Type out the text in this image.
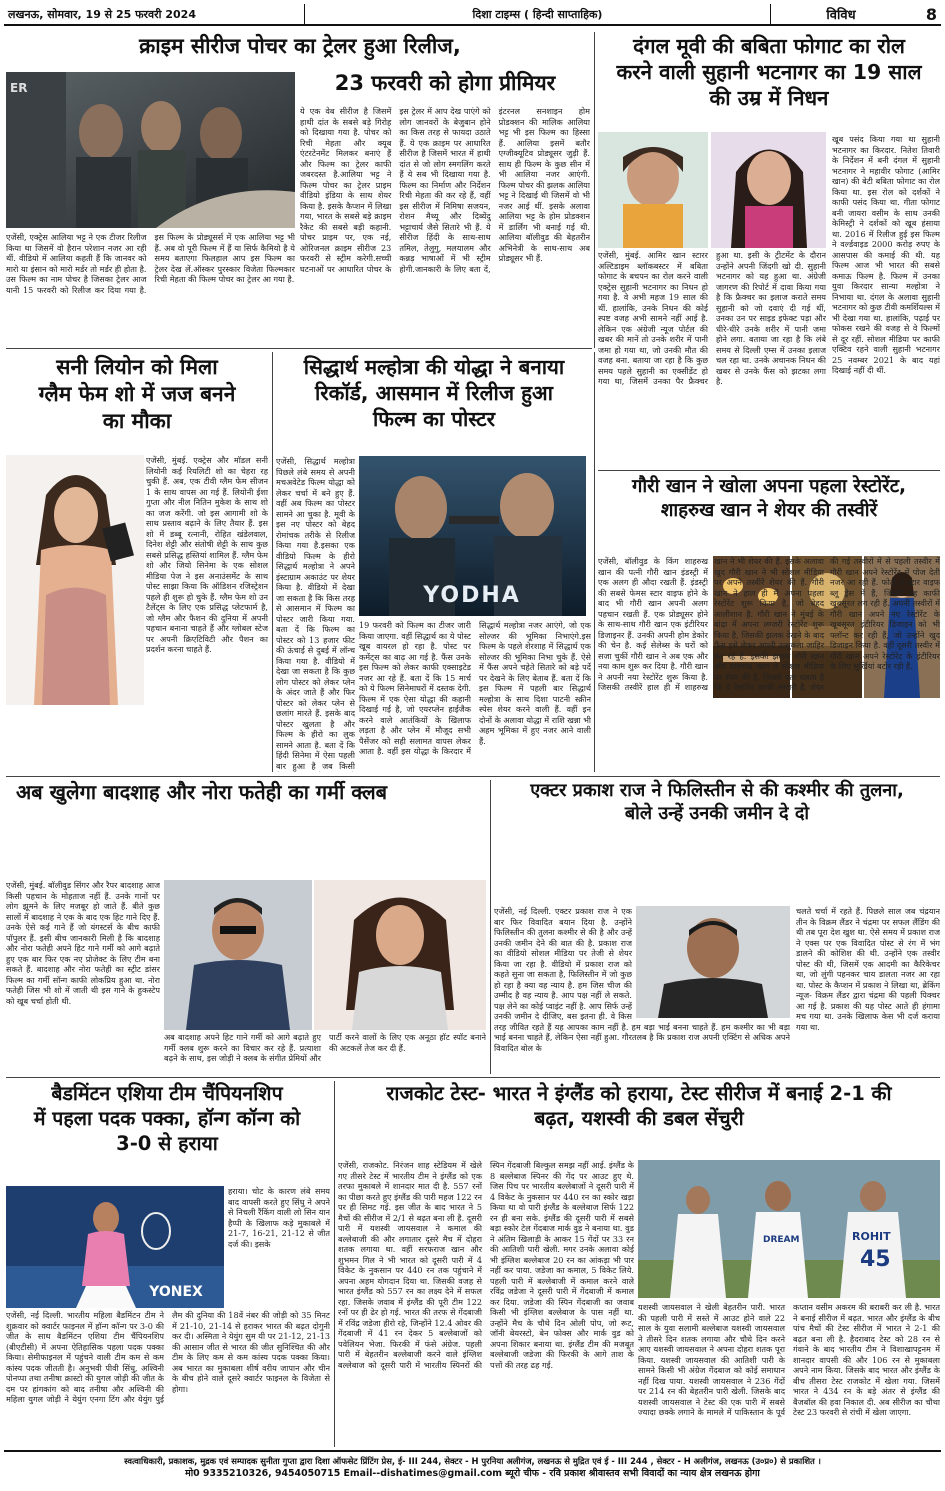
लखनऊ, सोमवार, 19 से 25 फरवरी 2024	दिशा टाइम्स ( हिन्दी साप्ताहिक)	विविध	8
क्राइम सीरीज पोचर का ट्रेलर हुआ रिलीज,
23 फरवरी को होगा प्रीमियर
ER

एजेंसी, एक्ट्रेस आलिया भट्ट ने एक टीजर रिलीज किया था जिसमें वो हैरान परेशान नजर आ रही थीं. वीडियो में आलिया कहती हैं कि जानवर को मारो या इंसान को मारो मर्डर तो मर्डर ही होता है. उस फिल्म का नाम पोचर है जिसका ट्रेलर आज यानी 15 फरवरी को रिलीज कर दिया गया है. इस फिल्म के प्रोड्यूसर्स में एक आलिया भट्ट भी हैं. अब वो पूरी फिल्म में हैं या सिर्फ कैमियो है ये समय बताएगा फिलहाल आप इस फिल्म का ट्रेलर देख लें.ऑस्कर पुरस्कार विजेता फिल्मकार रिची मेहता की फिल्म पोचर का ट्रेलर आ गया है.

ये एक वेब सीरीज है जिसमें हाथी दांत के सबसे बड़े गिरोह को दिखाया गया है. पोचर को रिची मेहता और क्यूब एंटरटेनमेंट मिलकर बनाएं हैं और फिल्म का ट्रेलर काफी जबरदस्त है.आलिया भट्ट ने फिल्म पोचर का ट्रेलर प्राइम वीडियो इंडिया के साथ शेयर किया है. इसके कैप्शन में लिखा गया, भारत के सबसे बड़े क्राइम रैकेट की सबसे बड़ी कहानी. पोचर प्राइम पर, एक नई, ओरिजनल क्राइम सीरीज 23 फरवरी से स्ट्रीम करेगी.सच्ची घटनाओं पर आधारित पोचर के इस ट्रेलर में आप देख पाएंगे को लोग जानवरों के बेजुबान होने का किस तरह से फायदा उठाते हैं. ये एक क्राइम पर आधारित सीरीज है जिसमें भारत में हाथी दांत से जो लोग स्मगलिंग करते हैं ये सब भी दिखाया गया है. फिल्म का निर्माण और निर्देशन रिची मेहता की कर रहे हैं, वहीं इस सीरीज में निमिषा सजयन, रोशन मैथ्यू और दिब्येंदु भट्टाचार्य जैसे सितारे भी हैं. ये सीरीज हिंदी के साथ-साथ तमिल, तेलुगु, मलयालम और कन्नड़ भाषाओं में भी स्ट्रीम होगी.जानकारी के लिए बता दें, इंटरनल सनशाइन होम प्रोडक्शन की मालिक आलिया भट्ट भी इस फिल्म का हिस्सा हैं. आलिया इसमें बतौर एग्जीक्यूटिव प्रोड्यूसर जुड़ी हैं. साथ ही फिल्म के कुछ सीन में भी आलिया नजर आएंगी. फिल्म पोचर की झलक आलिया भट्ट ने दिखाई थी जिसमें वो भी नजर आई थीं. इसके अलावा आलिया भट्ट के होम प्रोडक्शन में डार्लिंग भी बनाई गई थी. आलिया बॉलीवुड की बेहतरीन अभिनेत्री के साथ-साथ अब प्रोड्यूसर भी हैं.

दंगल मूवी की बबिता फोगाट का रोल
करने वाली सुहानी भटनागर का 19 साल
की उम्र में निधन

एजेंसी, मुंबई. आमिर खान स्टारर अल्टिडाइम ब्लॉकबस्टर में बबिता फोगाट के बचपन का रोल करने वाली एक्ट्रेस सुहानी भटनागर का निधन हो गया है. वे अभी महज 19 साल की थीं. हालांकि, उनके निधन की कोई स्पष्ट वजह अभी सामने नहीं आई है. लेकिन एक अंग्रेजी न्यूज पोर्टल की खबर की मानें तो उनके शरीर में पानी जमा हो गया था, जो उनकी मौत की वजह बना. बताया जा रहा है कि कुछ समय पहले सुहानी का एक्सीडेंट हो गया था, जिसमें उनका पैर फ्रैक्चर हुआ था. इसी के ट्रीटमेंट के दौरान उन्होंने अपनी जिंदगी खो दी. सुहानी भटनागर को यह हुआ था. अंग्रेजी जागरण की रिपोर्ट में दावा किया गया है कि फ्रैक्चर का इलाज कराते समय सुहानी को जो दवाएं दी गई थीं, उनका उन पर साइड इफेक्ट पड़ा और धीरे-धीरे उनके शरीर में पानी जमा होने लगा. बताया जा रहा है कि लंबे समय से दिल्ली एम्स में उनका इलाज चल रहा था. उनके अचानक निधन की खबर से उनके फैंस को झटका लगा है.

खूब पसंद किया गया था सुहानी भटनागर का किरदार. नितेश तिवारी के निर्देशन में बनी दंगल में सुहानी भटनागर ने महावीर फोगाट (आमिर खान) की बेटी बबिता फोगाट का रोल किया था. इस रोल को दर्शकों ने काफी पसंद किया था. गीता फोगाट बनी जायरा वसीम के साथ उनकी केमिस्ट्री ने दर्शकों को खूब हंसाया था. 2016 में रिलीज हुई इस फिल्म ने वर्ल्डवाइड 2000 करोड़ रुपए के आसपास की कमाई की थी. यह फिल्म आज भी भारत की सबसे कमाऊ फिल्म है. फिल्म में उनका युवा किरदार सान्या मल्होत्रा ने निभाया था. दंगल के अलावा सुहानी भटनागर को कुछ टीवी कमर्शियल्स में भी देखा गया था. हालांकि, पढ़ाई पर फोकस रखने की वजह से वे फिल्मों से दूर रहीं. सोशल मीडिया पर काफी एक्टिव रहने वाली सुहानी भटनागर 25 नवम्बर 2021 के बाद यहां दिखाई नहीं दी थीं.

सनी लियोन को मिला
ग्लैम फेम शो में जज बनने
का मौका

एजेंसी, मुंबई. एक्ट्रेस और मॉडल सनी लियोनी कई रियलिटी शो का चेहरा रह चुकी हैं. अब, एक टीवी ग्लैम फेम सीजन 1 के साथ वापस आ गई हैं. लियोनी ईशा गुप्ता और नील नितिन मुकेश के साथ शो का जज करेंगी. जो इस आगामी शो के साथ प्रस्ताव बढ़ाने के लिए तैयार हैं. इस शो में डब्बू रत्नानी, रोहित खंडेलवाल, दिनेश शेट्टी और संतोषी शेट्टी के साथ कुछ सबसे प्रसिद्ध हस्तियां शामिल हैं. ग्लैम फेम शो और जियो सिनेमा के एक सोशल मीडिया पेज ने इस अनाउंसमेंट के साथ पोस्ट साझा किया कि ऑडिशन रजिस्ट्रेशन पहले ही शुरू हो चुके हैं. ग्लैम फेम शो उन टैलेंट्स के लिए एक प्रसिद्ध प्लेटफार्म है, जो ग्लैम और फैशन की दुनिया में अपनी पहचान बनाना चाहते हैं और ग्लोबल स्टेज पर अपनी क्रिएटिविटी और पैशन का प्रदर्शन करना चाहते हैं.

सिद्धार्थ मल्होत्रा की योद्धा ने बनाया
रिकॉर्ड, आसमान में रिलीज हुआ
फिल्म का पोस्टर
YODHA

एजेंसी, सिद्धार्थ मल्होत्रा पिछले लंबे समय से अपनी मचअवेटेड फिल्म योद्धा को लेकर चर्चा में बने हुए हैं. वहीं अब फिल्म का पोस्टर सामने आ चुका है. मूवी के इस नए पोस्टर को बेहद रोमांचक तरीके से रिलीज किया गया है.इसका एक वीडियो फिल्म के हीरो सिद्धार्थ मल्होत्रा ने अपने इंस्टाग्राम अकाउंट पर शेयर किया है. वीडियो में देखा जा सकता है कि किस तरह से आसमान में फिल्म का पोस्टर जारी किया गया. बता दें कि फिल्म का पोस्टर को 13 हजार फीट की ऊंचाई से दुबई में लॉन्च किया गया है. वीडियो में देखा जा सकता है कि कुछ लोग पोस्टर को लेकर प्लेन के अंदर जाते हैं और फिर पोस्टर को लेकर प्लेन से छलांग मारते हैं. इसके बाद पोस्टर खुलता है और फिल्म के हीरो का लुक सामने आता है. बता दें कि हिंदी सिनेमा में ऐसा पहली बार हुआ है जब किसी

19 फरवरी को फिल्म का टीजर जारी किया जाएगा. वहीं सिद्धार्थ का ये पोस्ट खूब वायरल हो रहा है. पोस्ट पर कमेंट्स का बाढ़ आ गई है. फैंस उनके इस फिल्म को लेकर काफी एक्साइटेड नजर आ रहे हैं. बता दें कि 15 मार्च को ये फिल्म सिनेमाघरों में दस्तक देगी. फिल्म में एक ऐसा योद्धा की कहानी दिखाई गई है, जो एयरप्लेन हाईजैक करने वाले आतंकियों के खिलाफ लड़ता है और प्लेन में मौजूद सभी पैसेंजर को सही सलामत वापस लेकर आता है. वहीं इस योद्धा के किरदार में सिद्धार्थ मल्होत्रा नजर आएंगे, जो एक सोल्जर की भूमिका निभाएंगे.इस फिल्म के पहले शेरशाह में सिद्धार्थ एक सोल्जर की भूमिका निभा चुके हैं. ऐसे में फैंस अपने चहेते सितारे को बड़े पर्दे पर देखने के लिए बेताब हैं. बता दें कि इस फिल्म में पहली बार सिद्धार्थ मल्होत्रा के साथ दिशा पाटनी स्क्रीन स्पेस शेयर करने वाली हैं. वहीं इन दोनों के अलावा योद्धा में राशि खन्ना भी अहम भूमिका में हुए नजर आने वाली हैं.

गौरी खान ने खोला अपना पहला रेस्टोरेंट,
शाहरुख खान ने शेयर की तस्वीरें

एजेंसी, बॉलीवुड के किंग शाहरुख खान की पत्नी गौरी खान इंडस्ट्री में एक अलग ही औदा रखती हैं. इंडस्ट्री की सबसे फेमस स्टार वाइफ होने के बाद भी गौरी खान अपनी अलग पहचान रखती हैं. एक प्रोड्यूसर होने के साथ-साथ गौरी खान एक इंटीरियर डिजाइनर हैं. उनकी अपनी होम डेकोर की चेन है. कई सेलेब्स के घरों को सजा चुकीं गौरी खान ने अब एक और नया काम शुरू कर दिया है. गौरी खान ने अपनी नया रेस्टोरेंट शुरू किया है. जिसकी तस्वीरें हाल ही में शाहरुख खान ने भी शेयर की हैं. इसके अलावा खुद गौरी खान ने भी सोशल मीडिया पर अपने तस्वीरें शेयर की हैं. गौरी खान ने हाल ही में अपना पहला रेस्टोरेंट शुरू किया है, जो बेहद आलीशान है. गौरी खान ने मुंबई के बांद्रा में अपना लग्जरी रेस्टोरेंट शुरू किया है, जिसकी झलक देखने के बाद फैंस इसे लेकर अपनी उत्सुकता जाहिर कर रहे हैं. इसकी झलक गौरी खान और शाहरुख खान ने सोशल मीडिया पर शेयर की हैं, जिससे पता चलता है कि ये रेस्टोरेंट काफी लग्जरी है. शेयर की गई तस्वीरों में से पहली तस्वीर में गौरी खान अपने रेस्टोरेंट में पोज देती नजर आ रही हैं. फोटो में स्टार वाइफ ब्लू ड्रेस में हैं, जिसमें वह काफी खूबसूरत लग रही हैं. अपनी तस्वीरों में गौरी खान अपने नए रेस्टोरेंट के खूबसूरत इंटीरियर डिजाइन को भी फ्लॉन्ट कर रही हैं, जो उन्होंने खुद डिजाइन किया है. वहीं दूसरी तस्वीर में गौरी खान अपने रेस्टोरेंट के इंटीरियर के लिए सुर्खियां बटोर रही हैं.

अब खुलेगा बादशाह और नोरा फतेही का गर्मी क्लब

एजेंसी, मुंबई. बॉलीवुड सिंगर और रैपर बादशाह आज किसी पहचान के मोहताज नहीं हैं. उनके गानों पर लोग झूमने के लिए मजबूर हो जाते हैं. बीते कुछ सालों में बादशाह ने एक के बाद एक हिट गाने दिए हैं. उनके ऐसे कई गाने हैं जो यंगस्टर्स के बीच काफी पॉपुलर हैं. इसी बीच जानकारी मिली है कि बादशाह और नोरा फतेही अपने हिट गाने गर्मी को आगे बढ़ाते हुए एक बार फिर एक नए प्रोजेक्ट के लिए टीम बना सकते हैं. बादशाह और नोरा फतेही का स्ट्रीट डांसर फिल्म का गर्मी सॉन्ग काफी लोकप्रिय हुआ था. नोरा फतेही जिस भी शो में जाती थी इस गाने के हुकस्टेप को खूब चर्चा होती थी.

अब बादशाह अपने हिट गाने गर्मी को आगे बढ़ाते हुए गर्मी क्लब शुरू करने का विचार कर रहे हैं. प्रत्याशा बढ़ने के साथ, इस जोड़ी ने क्लब के संगीत प्रेमियों और पार्टी करने वालों के लिए एक अनूठा हॉट स्पॉट बनाने की अटकलें तेज कर दी हैं.

एक्टर प्रकाश राज ने फिलिस्तीन से की कश्मीर की तुलना,
बोले उन्हें उनकी जमीन दे दो

एजेंसी, नई दिल्ली. एक्टर प्रकाश राज ने एक बार फिर विवादित बयान दिया है. उन्होंने फिलिस्तीन की तुलना कश्मीर से की है और उन्हें उनकी जमीन देने की बात की है. प्रकाश राज का वीडियो सोशल मीडिया पर तेजी से शेयर किया जा रहा है. वीडियो में प्रकाश राज को कहते सुना जा सकता है, फिलिस्तीन में जो कुछ हो रहा है क्या वह न्याय है. हम जिस चीज की उम्मीद है वह न्याय है. आप पक्ष नहीं ले सकते. पक्ष लेने का कोई प्वाइंट नहीं है. आप सिर्फ उन्हें उनकी जमीन दे दीजिए, बस इतना ही. वे किस तरह जीवित रहते हैं यह आपका काम नहीं है. हम बड़ा भाई बनना चाहते हैं. हम कश्मीर का भी बड़ा भाई बनना चाहते हैं, लेकिन ऐसा नहीं हुआ. गौरतलब है कि प्रकाश राज अपनी एक्टिंग से अधिक अपने विवादित बोल के

चलते चर्चा में रहते हैं. पिछले साल जब चंद्रयान तीन के विक्रम लैंडर ने चंद्रमा पर सफल लैंडिंग की थी तब पूरा देश खुश था. ऐसे समय में प्रकाश राज ने एक्स पर एक विवादित पोस्ट से रंग में भंग डालने की कोशिश की थी. उन्होंने एक तस्वीर पोस्ट की थी, जिसमें एक आदमी का कैरिकेचर था, जो लुंगी पहनकर चाय डालता नजर आ रहा था. पोस्ट के कैप्शन में प्रकाश ने लिखा था, ब्रेकिंग न्यूज- विक्रम लैंडर द्वारा चंद्रमा की पहली पिक्चर आ गई है. प्रकाश की यह पोस्ट आते ही हंगामा मच गया था. उनके खिलाफ केस भी दर्ज कराया गया था.

बैडमिंटन एशिया टीम चैंपियनशिप
में पहला पदक पक्का, हॉन्ग कॉन्ग को
3-0 से हराया
YONEX

हराया। चोट के कारण लंबे समय बाद वापसी करते हुए सिंधु ने अपने से निचली रैंकिंग वाली लो सिन यान हैप्पी के खिलाफ कड़े मुकाबले में 21-7, 16-21, 21-12 से जीत दर्ज की। इसके

एजेंसी, नई दिल्ली. भारतीय महिला बैडमिंटन टीम ने शुक्रवार को क्वार्टर फाइनल में हॉन्ग कॉन्ग पर 3-0 की जीत के साथ बैडमिंटन एशिया टीम चैंपियनशिप (बीएटीसी) में अपना ऐतिहासिक पहला पदक पक्का किया। सेमीफाइनल में पहुंचने वाली टीम कम से कम कांस्य पदक जीतती है। अनुभवी पीवी सिंधु, अश्विनी पोनप्पा तथा तनीषा क्रास्टो की युगल जोड़ी की जीत के दम पर हांगकांग को बाद तनीषा और अश्विनी की महिला युगल जोड़ी ने येयुंग एनगा टिंग और येयुंग पुई लैम की दुनिया की 18वें नंबर की जोड़ी को 35 मिनट में 21-10, 21-14 से हराकर भारत की बढ़त दोगुनी कर दी। अस्मिता ने येयुंग सुम यी पर 21-12, 21-13 की आसान जीत से भारत की जीत सुनिश्चित की और टीम के लिए कम से कम कांस्य पदक पक्का किया। अब भारत का मुकाबला शीर्ष वरीय जापान और चीन के बीच होने वाले दूसरे क्वार्टर फाइनल के विजेता से होगा।

राजकोट टेस्ट- भारत ने इंग्लैंड को हराया, टेस्ट सीरीज में बनाई 2-1 की
बढ़त, यशस्वी की डबल सेंचुरी
DREAM	ROHIT
45

एजेंसी, राजकोट. निरंजन शाह स्टेडियम में खेले गए तीसरे टेस्ट में भारतीय टीम ने इंग्लैंड को एक तरफा मुकाबले में शानदार मात दी है. 557 रनों का पीछा करते हुए इंग्लैंड की पारी महज 122 रन पर ही सिमट गई. इस जीत के बाद भारत ने 5 मैचों की सीरीज में 2/1 से बढ़त बना ली है. दूसरी पारी में यशस्वी जायसवाल ने कमाल की बल्लेबाजी की और लगातार दूसरे मैच में दोहरा शतक लगाया था. वहीं सरफराज खान और शुभमन गिल ने भी भारत को दूसरी पारी में 4 विकेट के नुकसान पर 440 रन तक पहुंचाने में अपना अहम योगदान दिया था. जिसकी वजह से भारत इंग्लैंड को 557 रन का लक्ष्य देने में सफल रहा. जिसके जवाब में इंग्लैंड की पूरी टीम 122 रनों पर ही ढेर हो गई. भारत की तरफ से गेंदबाजी में रविंद्र जडेजा हीरो रहे, जिन्होंने 12.4 ओवर की गेंदबाजी में 41 रन देकर 5 बल्लेबाजों को पवेलियन भेजा. फिरकी में फंसे अंग्रेज. पहली पारी में बेहतरीन बल्लेबाजी करने वाले इंग्लिश बल्लेबाज को दूसरी पारी में भारतीय स्पिनरों की स्पिन गेंदबाजी बिल्कुल समझ नहीं आई. इंग्लैंड के 8 बल्लेबाज स्पिनर की गेंद पर आउट हुए थे. जिस पिच पर भारतीय बल्लेबाजों ने दूसरी पारी में 4 विकेट के नुकसान पर 440 रन का स्कोर खड़ा किया था वो पारी इंग्लैंड के बल्लेबाज सिर्फ 122 रन ही बना सके. इंग्लैंड की दूसरी पारी में सबसे बड़ा स्कोर टेल गेंदबाज मार्क वुड ने बनाया था. वुड ने अंतिम खिलाड़ी के आकर 15 गेंदों पर 33 रन की आतिशी पारी खेली. मगर उनके अलावा कोई भी इंग्लिश बल्लेबाज 20 रन का आंकड़ा भी पार नहीं कर पाया. जडेजा का कमाल, 5 विकेट लिये. पहली पारी में बल्लेबाजी में कमाल करने वाले रविंद्र जडेजा ने दूसरी पारी में गेंदबाजी में कमाल कर दिया. जडेजा की स्पिन गेंदबाजी का जवाब किसी भी इंग्लिश बल्लेबाज के पास नहीं था. उन्होंने मैच के चौथे दिन ओली पोप, जो रूट, जॉनी बेयरस्टो, बेन फोक्स और मार्क वुड को अपना शिकार बनाया था. इंग्लैंड टीम की मजबूत बल्लेबाजी जडेजा की फिरकी के आगे ताश के पत्तों की तरह ढह गई.

यशस्वी जायसवाल ने खेली बेहतरीन पारी. भारत की पहली पारी में सस्ते में आउट होने वाले 22 साल के युवा सलामी बल्लेबाज यशस्वी जायसवाल ने तीसरे दिन शतक लगाया और चौथे दिन करने आए यशस्वी जायसवाल ने अपना दोहरा शतक पूरा किया. यशस्वी जायसवाल की आतिशी पारी के सामने किसी भी अंग्रेज गेंदबाज को कोई समाधान नहीं दिख पाया. यशस्वी जायसवाल ने 236 गेंदों पर 214 रन की बेहतरीन पारी खेली. जिसके बाद यशस्वी जायसवाल ने टेस्ट की एक पारी में सबसे ज्यादा छक्के लगाने के मामले में पाकिस्तान के पूर्व कप्तान वसीम अकरम की बराबरी कर ली है. भारत ने बनाई सीरीज में बढ़त. भारत और इंग्लैंड के बीच पांच मैचों की टेस्ट सीरीज में भारत ने 2-1 की बढ़त बना ली है. हैदराबाद टेस्ट को 28 रन से गंवाने के बाद भारतीय टीम ने विशाखापट्टनम में शानदार वापसी की और 106 रन से मुकाबला अपने नाम किया. जिसके बाद भारत और इंग्लैंड के बीच तीसरा टेस्ट राजकोट में खेला गया. जिसमें भारत ने 434 रन के बड़े अंतर से इंग्लैंड की बैजबॉल की हवा निकाल दी. अब सीरीज का चौथा टेस्ट 23 फरवरी से रांची में खेला जाएगा.

स्वत्वाधिकारी, प्रकाशक, मुद्रक एवं सम्पादक सुनीता गुप्ता द्वारा दिशा ऑफसेट प्रिंटिंग प्रेस, ई- III 244, सेक्टर - H पुरनिया अलीगंज, लखनऊ से मुद्रित एवं ई - III 244 , सेक्टर - H अलीगंज, लखनऊ (उ०प्र०) से प्रकाशित ।
मो0 9335210326, 9454050715 Email--dishatimes@gmail.com ब्यूरो चीफ - रवि प्रकाश श्रीवास्तव सभी विवादों का न्याय क्षेत्र लखनऊ होगा
